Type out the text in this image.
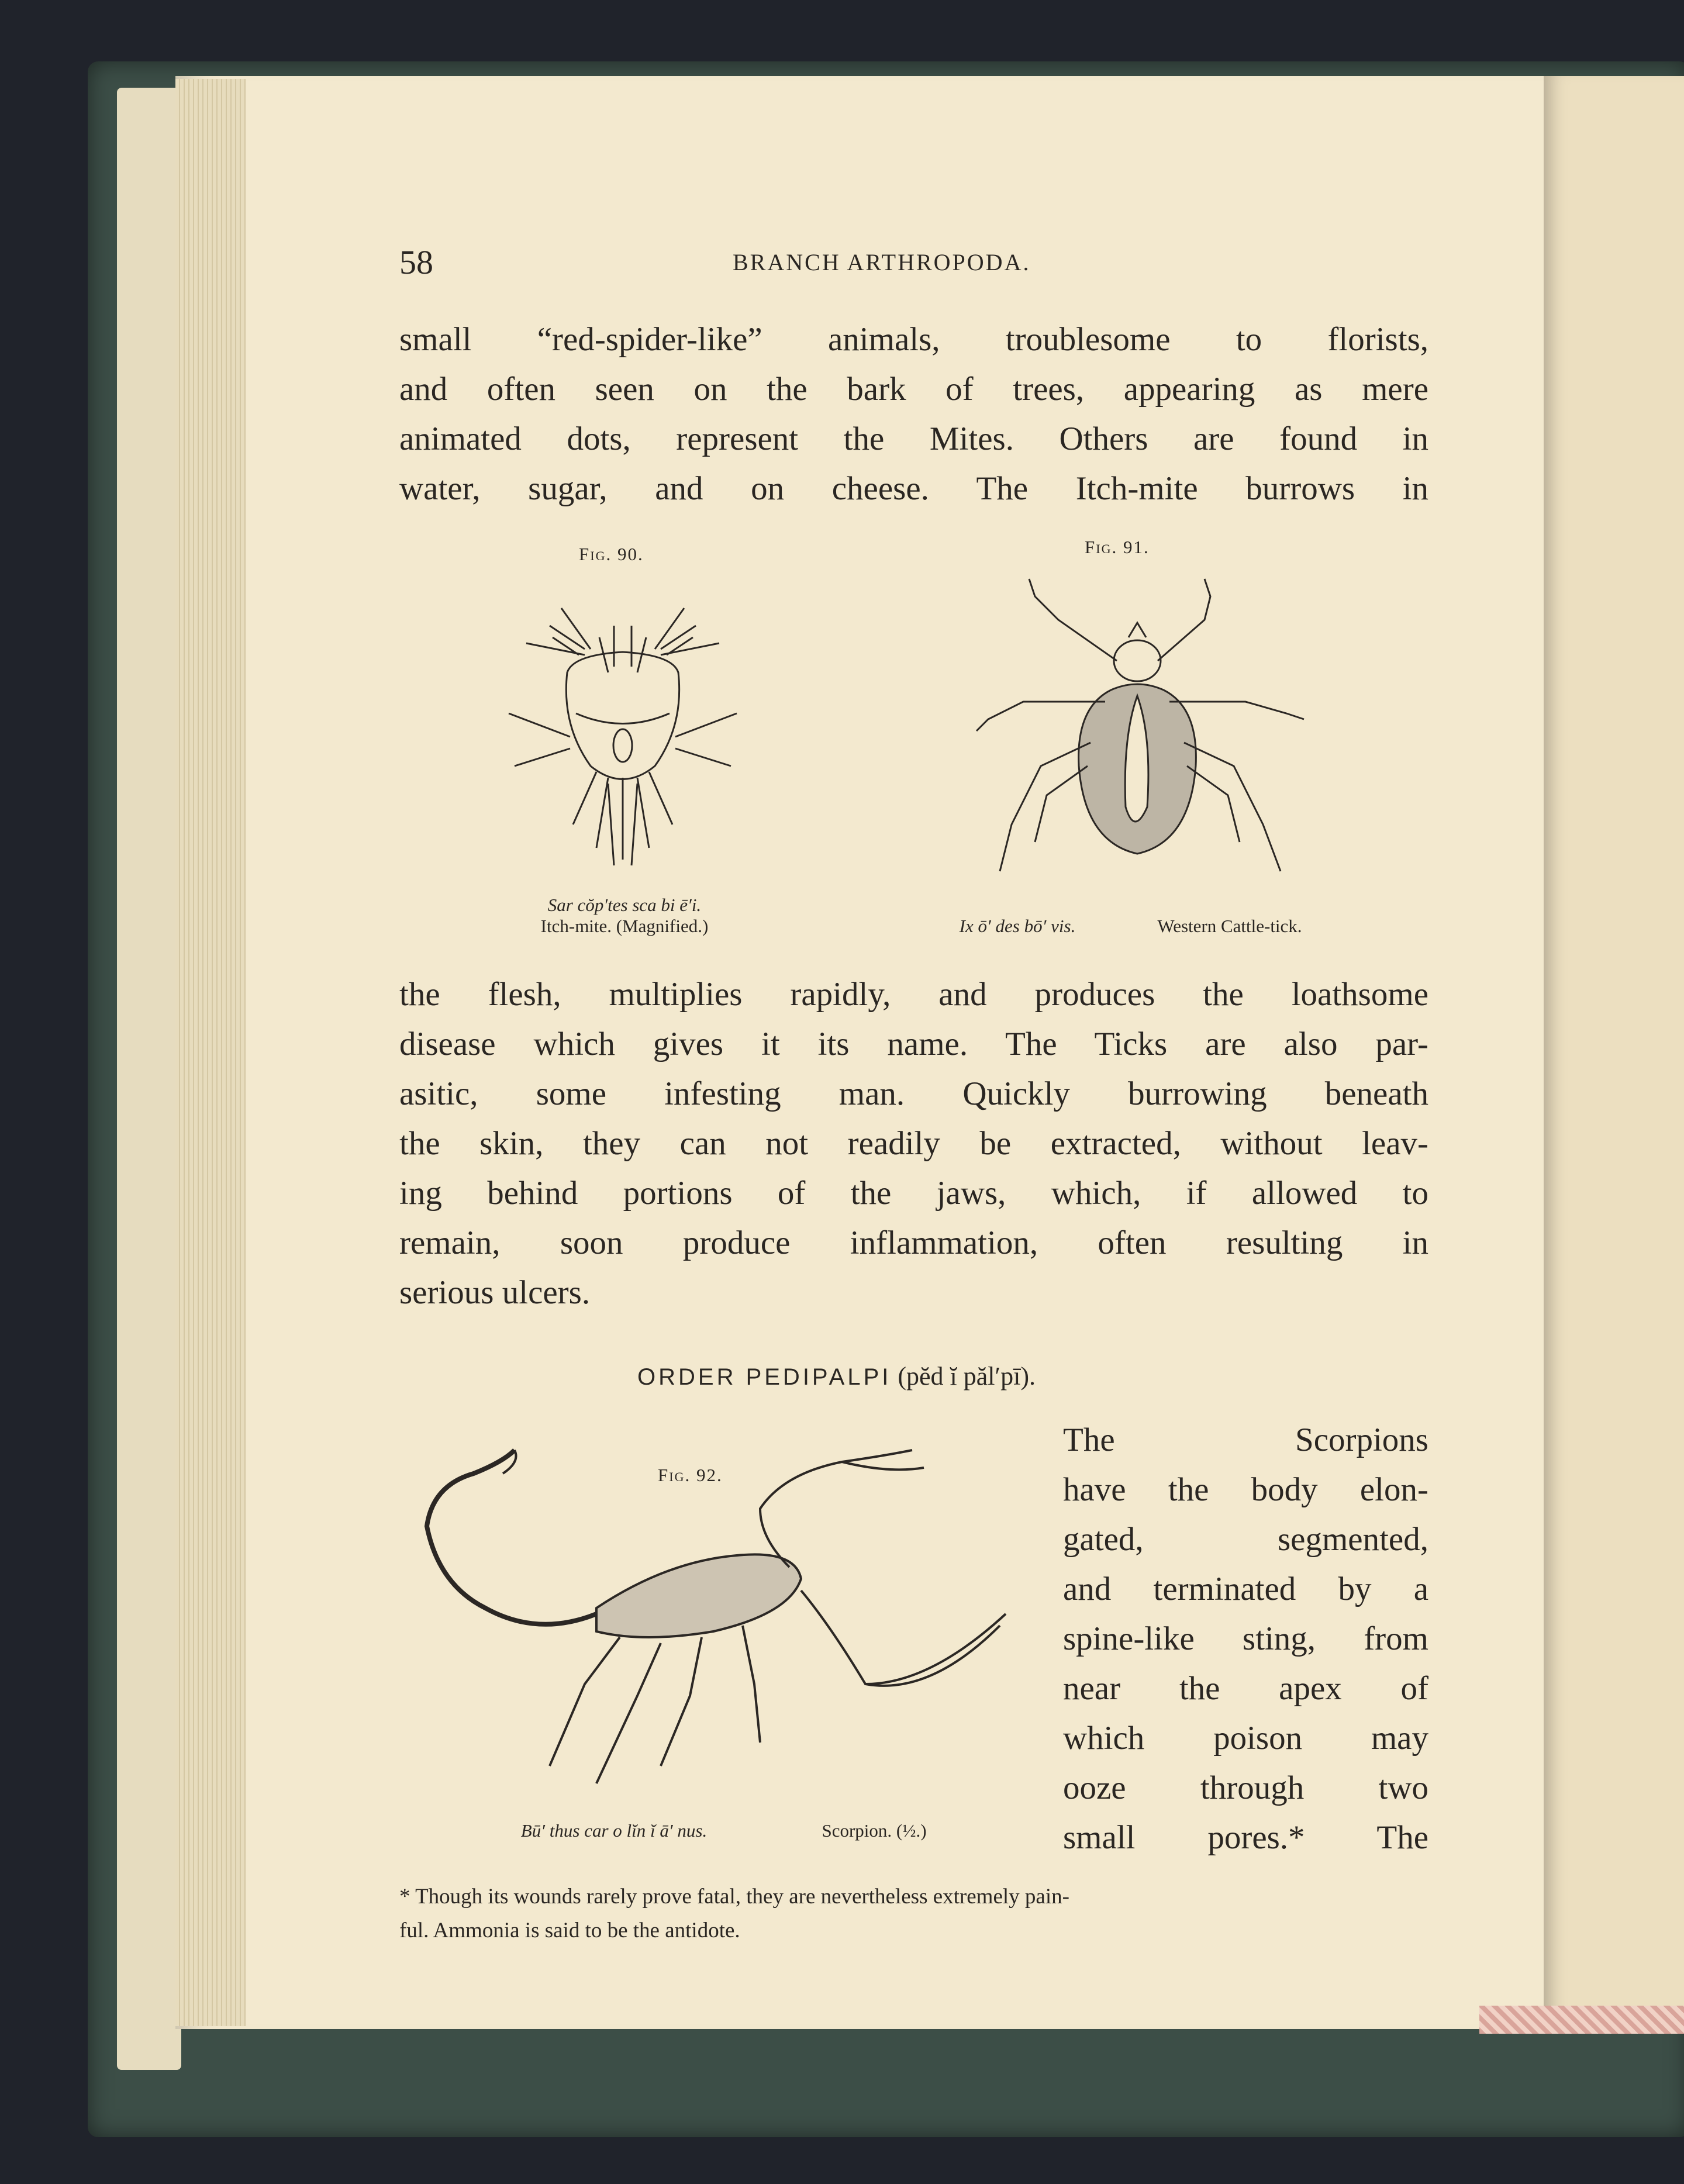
58	BRANCH ARTHROPODA.
small “red-spider-like” animals, troublesome to florists,
and often seen on the bark of trees, appearing as mere
animated dots, represent the Mites. Others are found in
water, sugar, and on cheese. The Itch-mite burrows in
Fig. 90.
Sar cŏp′tes sca bi ē′i.
Itch-mite. (Magnified.)
Fig. 91.
Ix ō′ des bō′ vis.	Western Cattle-tick.
the flesh, multiplies rapidly, and produces the loathsome
disease which gives it its name. The Ticks are also par-
asitic, some infesting man. Quickly burrowing beneath
the skin, they can not readily be extracted, without leav-
ing behind portions of the jaws, which, if allowed to
remain, soon produce inflammation, often resulting in
serious ulcers.
ORDER PEDIPALPI (pĕd ĭ păl′pī).
Fig. 92.
Bū′ thus car o lĭn ĭ ā′ nus.	Scorpion. (½.)
The Scorpions
have the body elon-
gated, segmented,
and terminated by a
spine-like sting, from
near the apex of
which poison may
ooze through two
small pores.* The
* Though its wounds rarely prove fatal, they are nevertheless extremely pain-
ful. Ammonia is said to be the antidote.
